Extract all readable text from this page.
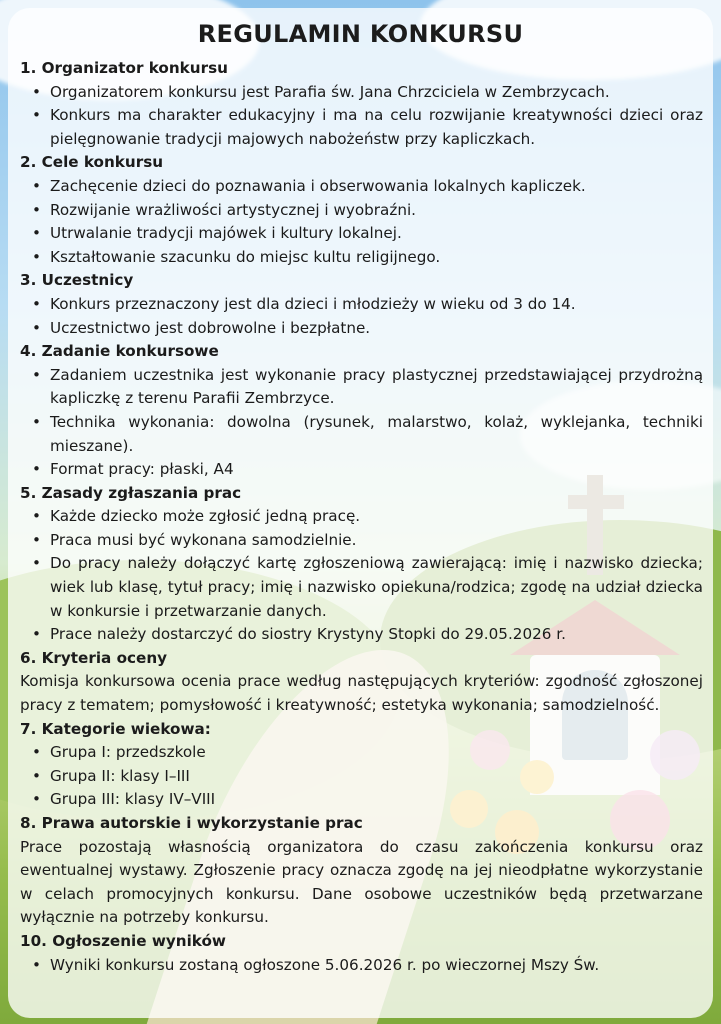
REGULAMIN KONKURSU
1. Organizator konkursu
• Organizatorem konkursu jest Parafia św. Jana Chrzciciela w Zembrzycach.
• Konkurs ma charakter edukacyjny i ma na celu rozwijanie kreatywności dzieci oraz pielęgnowanie tradycji majowych nabożeństw przy kapliczkach.
2. Cele konkursu
• Zachęcenie dzieci do poznawania i obserwowania lokalnych kapliczek.
• Rozwijanie wrażliwości artystycznej i wyobraźni.
• Utrwalanie tradycji majówek i kultury lokalnej.
• Kształtowanie szacunku do miejsc kultu religijnego.
3. Uczestnicy
• Konkurs przeznaczony jest dla dzieci i młodzieży w wieku od 3 do 14.
• Uczestnictwo jest dobrowolne i bezpłatne.
4. Zadanie konkursowe
• Zadaniem uczestnika jest wykonanie pracy plastycznej przedstawiającej przydrożną kapliczkę z terenu Parafii Zembrzyce.
• Technika wykonania: dowolna (rysunek, malarstwo, kolaż, wyklejanka, techniki mieszane).
• Format pracy: płaski, A4
5. Zasady zgłaszania prac
• Każde dziecko może zgłosić jedną pracę.
• Praca musi być wykonana samodzielnie.
• Do pracy należy dołączyć kartę zgłoszeniową zawierającą: imię i nazwisko dziecka; wiek lub klasę, tytuł pracy; imię i nazwisko opiekuna/rodzica; zgodę na udział dziecka w konkursie i przetwarzanie danych.
• Prace należy dostarczyć do siostry Krystyny Stopki do 29.05.2026 r.
6. Kryteria oceny

Komisja konkursowa ocenia prace według następujących kryteriów: zgodność zgłoszonej pracy z tematem; pomysłowość i kreatywność; estetyka wykonania; samodzielność.

7. Kategorie wiekowa:
• Grupa I: przedszkole
• Grupa II: klasy I–III
• Grupa III: klasy IV–VIII
8. Prawa autorskie i wykorzystanie prac

Prace pozostają własnością organizatora do czasu zakończenia konkursu oraz ewentualnej wystawy. Zgłoszenie pracy oznacza zgodę na jej nieodpłatne wykorzystanie w celach promocyjnych konkursu. Dane osobowe uczestników będą przetwarzane wyłącznie na potrzeby konkursu.

10. Ogłoszenie wyników
• Wyniki konkursu zostaną ogłoszone 5.06.2026 r. po wieczornej Mszy Św.
